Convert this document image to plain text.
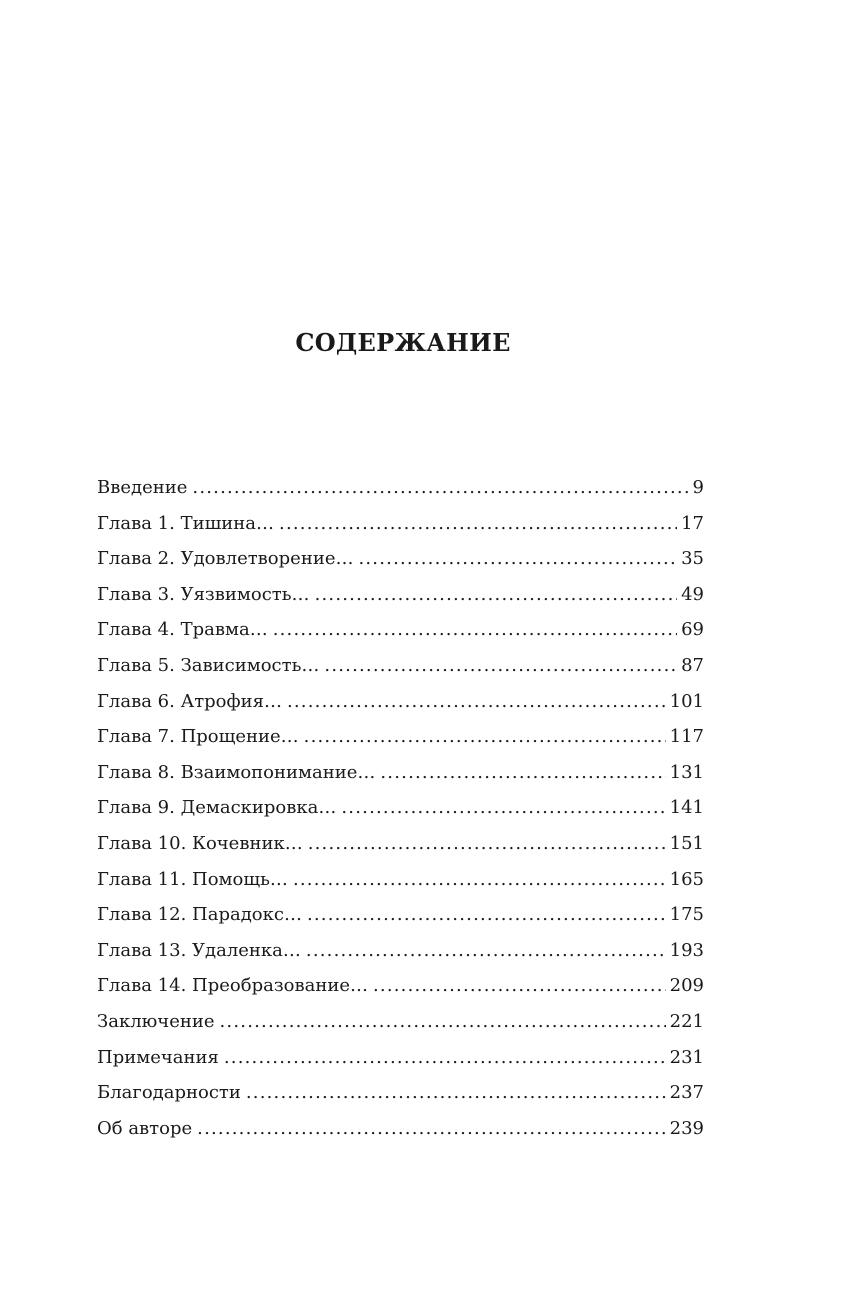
СОДЕРЖАНИЕ
Введение .....	9
Глава 1. Тишина… .....	17
Глава 2. Удовлетворение… .....	35
Глава 3. Уязвимость… .....	49
Глава 4. Травма… .....	69
Глава 5. Зависимость… .....	87
Глава 6. Атрофия… .....	101
Глава 7. Прощение… .....	117
Глава 8. Взаимопонимание… .....	131
Глава 9. Демаскировка… .....	141
Глава 10. Кочевник… .....	151
Глава 11. Помощь… .....	165
Глава 12. Парадокс… .....	175
Глава 13. Удаленка… .....	193
Глава 14. Преобразование… .....	209
Заключение .....	221
Примечания .....	231
Благодарности .....	237
Об авторе .....	239
